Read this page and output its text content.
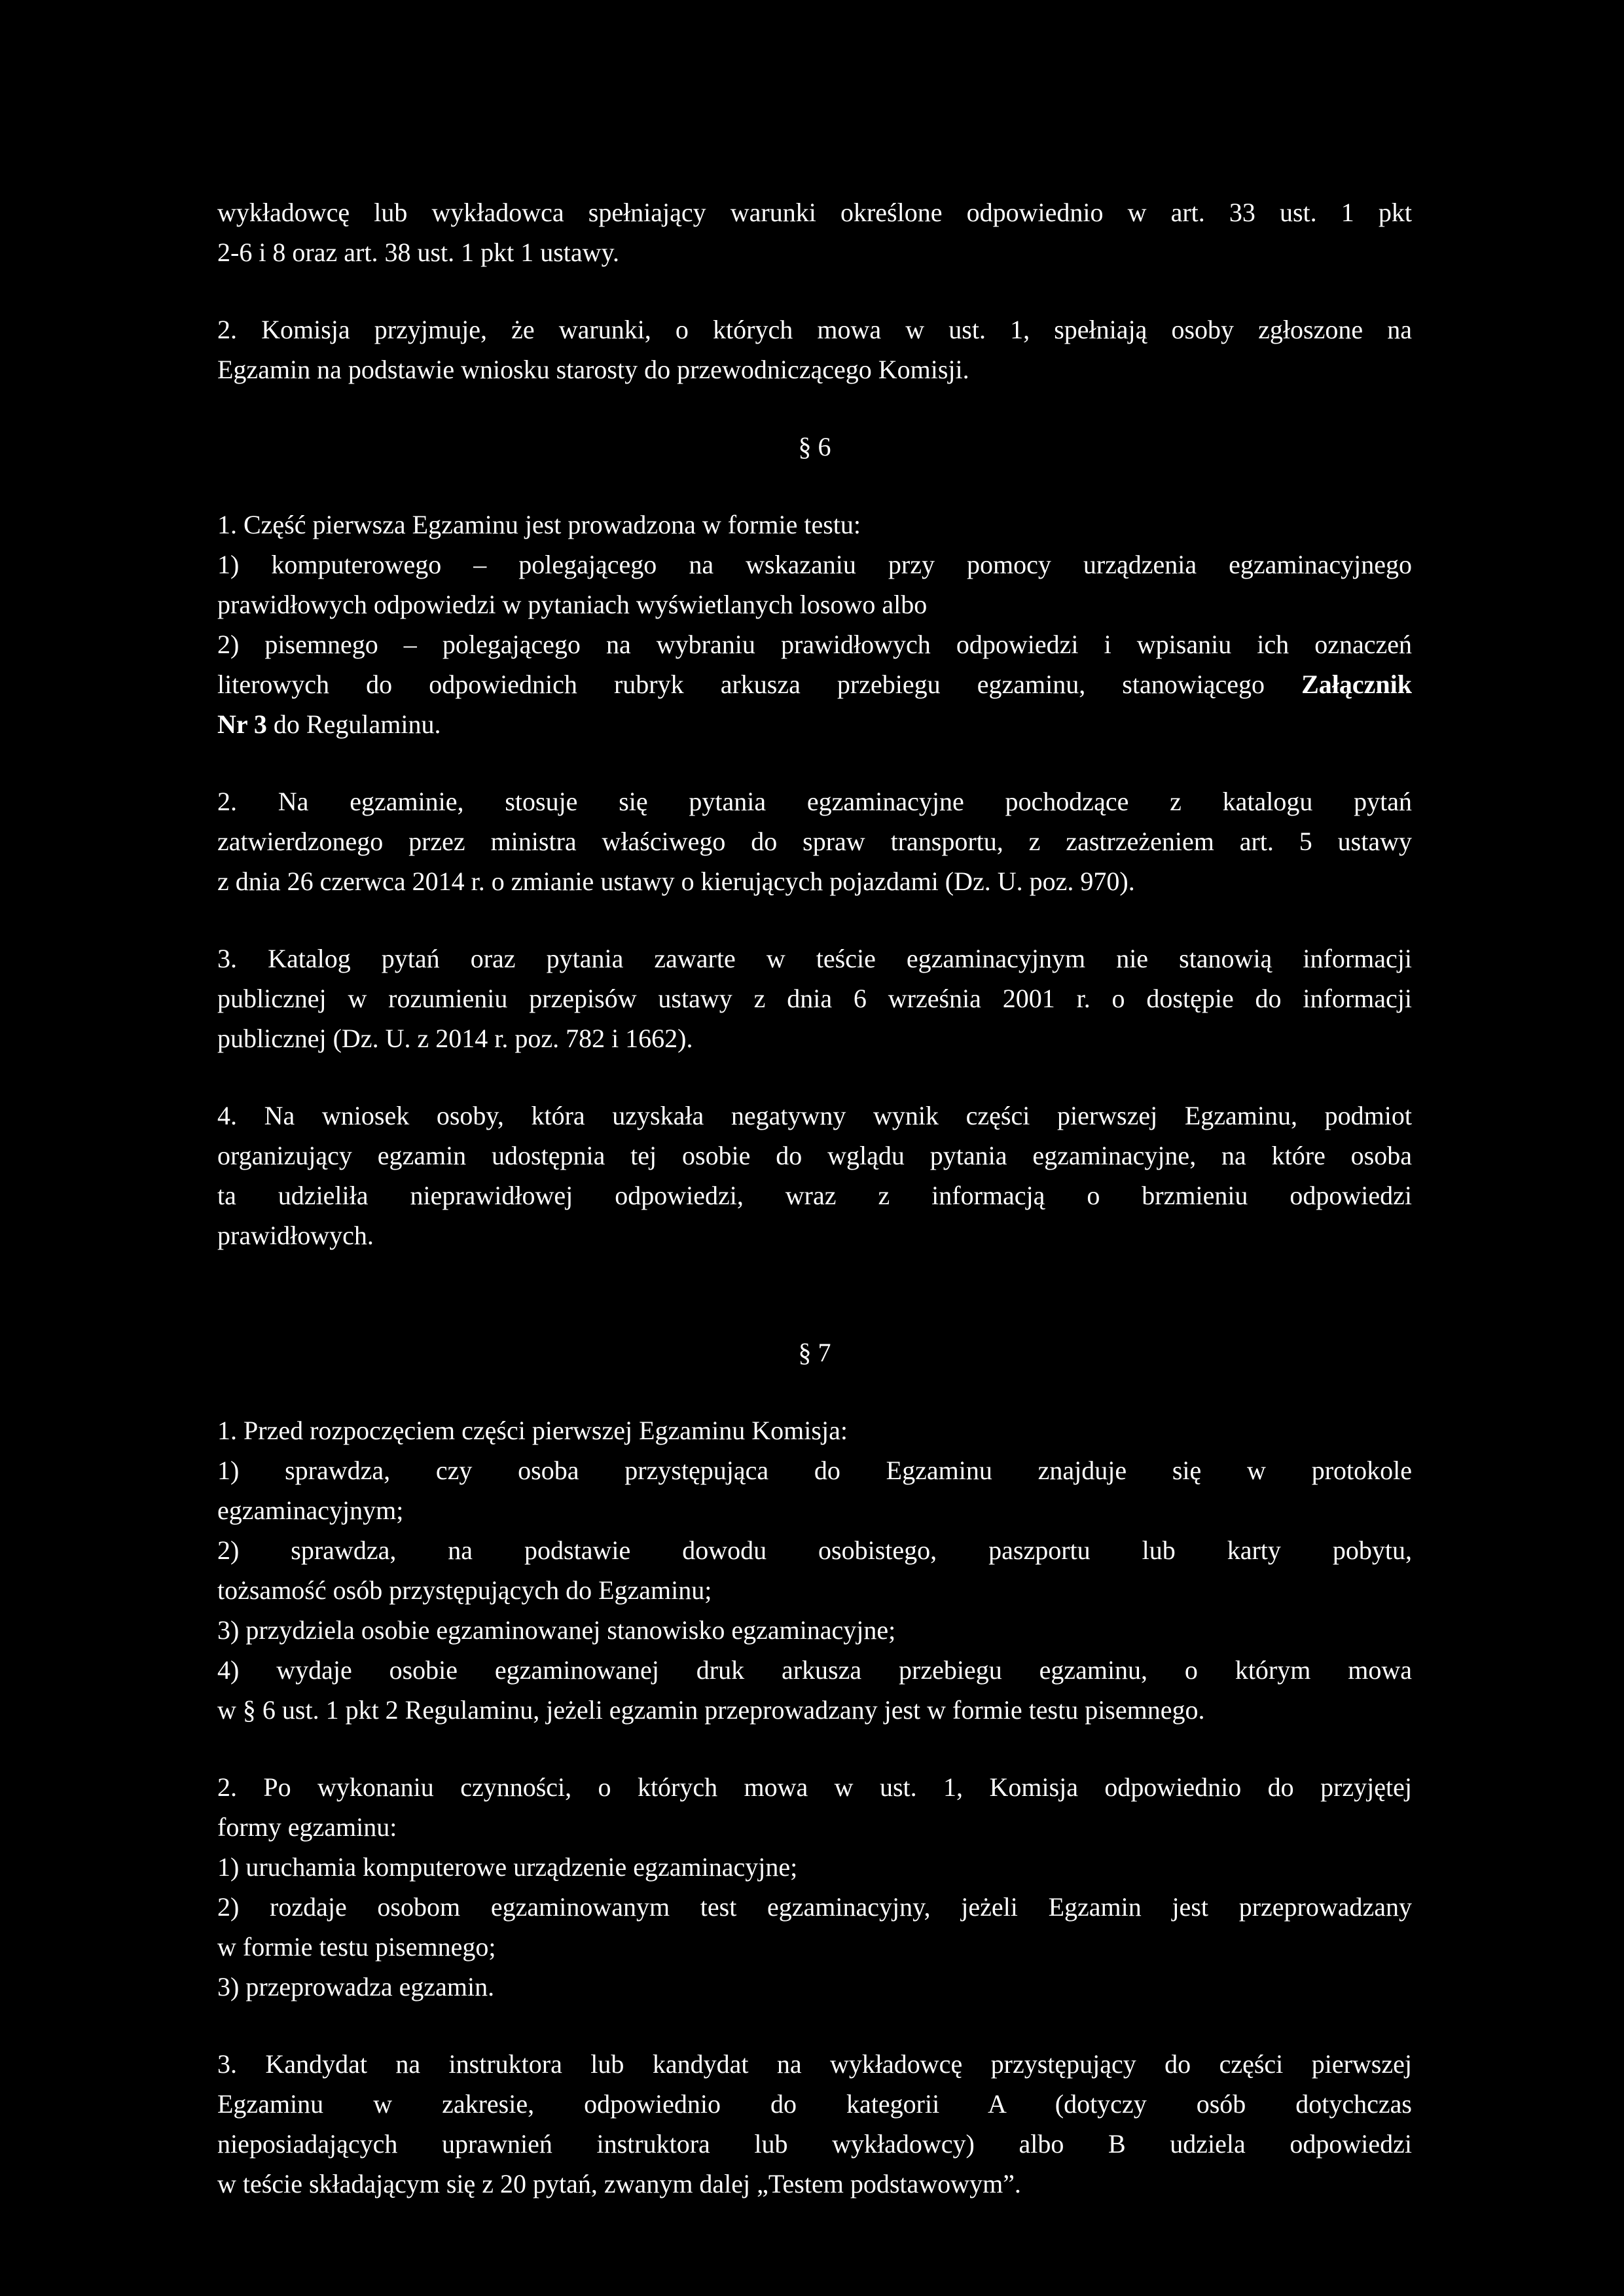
wykładowcę lub wykładowca spełniający warunki określone odpowiednio w art. 33 ust. 1 pkt
2-6 i 8 oraz art. 38 ust. 1 pkt 1 ustawy.

2. Komisja przyjmuje, że warunki, o których mowa w ust. 1, spełniają osoby zgłoszone na
Egzamin na podstawie wniosku starosty do przewodniczącego Komisji.

§ 6

1. Część pierwsza Egzaminu jest prowadzona w formie testu:
1) komputerowego – polegającego na wskazaniu przy pomocy urządzenia egzaminacyjnego
prawidłowych odpowiedzi w pytaniach wyświetlanych losowo albo
2) pisemnego – polegającego na wybraniu prawidłowych odpowiedzi i wpisaniu ich oznaczeń
literowych do odpowiednich rubryk arkusza przebiegu egzaminu, stanowiącego Załącznik
Nr 3 do Regulaminu.

2. Na egzaminie, stosuje się pytania egzaminacyjne pochodzące z katalogu pytań
zatwierdzonego przez ministra właściwego do spraw transportu, z zastrzeżeniem art. 5 ustawy
z dnia 26 czerwca 2014 r. o zmianie ustawy o kierujących pojazdami (Dz. U. poz. 970).

3. Katalog pytań oraz pytania zawarte w teście egzaminacyjnym nie stanowią informacji
publicznej w rozumieniu przepisów ustawy z dnia 6 września 2001 r. o dostępie do informacji
publicznej (Dz. U. z 2014 r. poz. 782 i 1662).

4. Na wniosek osoby, która uzyskała negatywny wynik części pierwszej Egzaminu, podmiot
organizujący egzamin udostępnia tej osobie do wglądu pytania egzaminacyjne, na które osoba
ta udzieliła nieprawidłowej odpowiedzi, wraz z informacją o brzmieniu odpowiedzi
prawidłowych.

§ 7

1. Przed rozpoczęciem części pierwszej Egzaminu Komisja:
1) sprawdza, czy osoba przystępująca do Egzaminu znajduje się w protokole
egzaminacyjnym;
2) sprawdza, na podstawie dowodu osobistego, paszportu lub karty pobytu,
tożsamość osób przystępujących do Egzaminu;
3) przydziela osobie egzaminowanej stanowisko egzaminacyjne;
4) wydaje osobie egzaminowanej druk arkusza przebiegu egzaminu, o którym mowa
w § 6 ust. 1 pkt 2 Regulaminu, jeżeli egzamin przeprowadzany jest w formie testu pisemnego.

2. Po wykonaniu czynności, o których mowa w ust. 1, Komisja odpowiednio do przyjętej
formy egzaminu:
1) uruchamia komputerowe urządzenie egzaminacyjne;
2) rozdaje osobom egzaminowanym test egzaminacyjny, jeżeli Egzamin jest przeprowadzany
w formie testu pisemnego;
3) przeprowadza egzamin.

3. Kandydat na instruktora lub kandydat na wykładowcę przystępujący do części pierwszej
Egzaminu w zakresie, odpowiednio do kategorii A (dotyczy osób dotychczas
nieposiadających uprawnień instruktora lub wykładowcy) albo B udziela odpowiedzi
w teście składającym się z 20 pytań, zwanym dalej „Testem podstawowym”.
